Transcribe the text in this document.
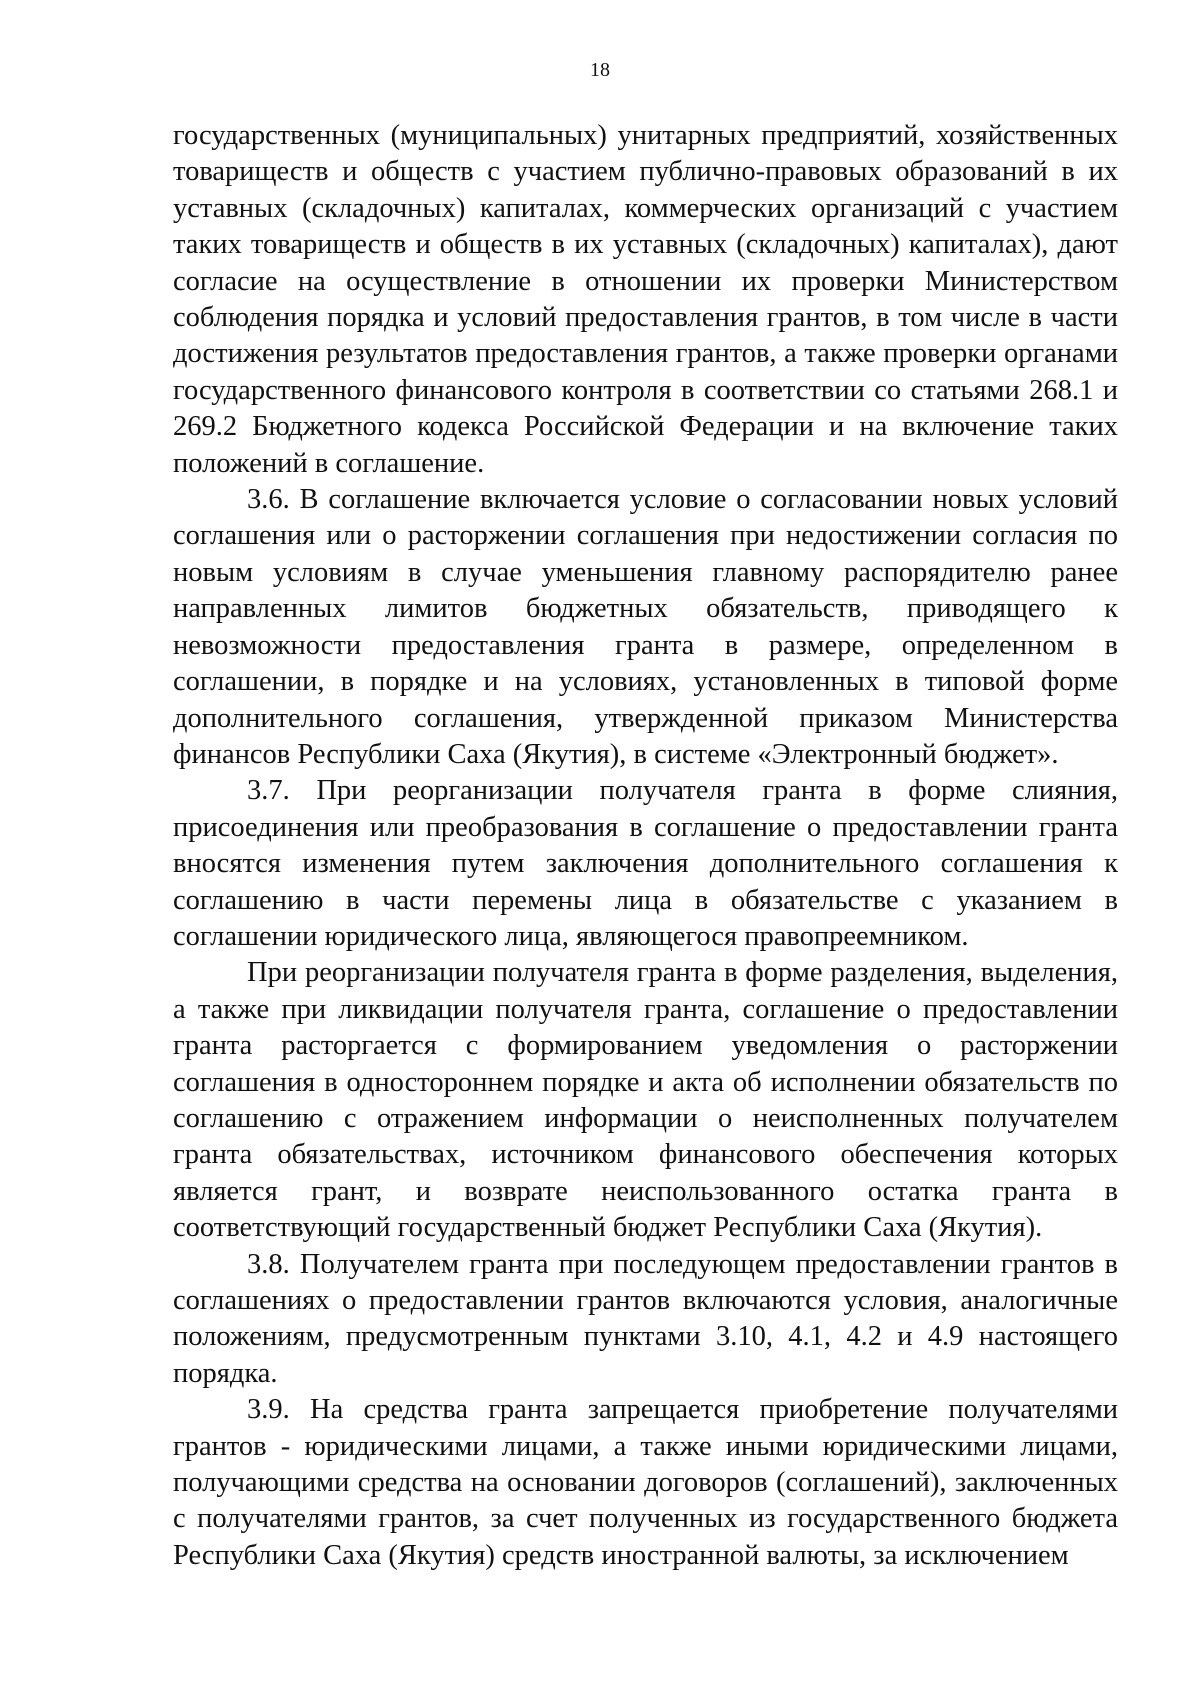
18

государственных (муниципальных) унитарных предприятий, хозяйственных товариществ и обществ с участием публично-правовых образований в их уставных (складочных) капиталах, коммерческих организаций с участием таких товариществ и обществ в их уставных (складочных) капиталах), дают согласие на осуществление в отношении их проверки Министерством соблюдения порядка и условий предоставления грантов, в том числе в части достижения результатов предоставления грантов, а также проверки органами государственного финансового контроля в соответствии со статьями 268.1 и 269.2 Бюджетного кодекса Российской Федерации и на включение таких положений в соглашение.

3.6. В соглашение включается условие о согласовании новых условий соглашения или о расторжении соглашения при недостижении согласия по новым условиям в случае уменьшения главному распорядителю ранее направленных лимитов бюджетных обязательств, приводящего к невозможности предоставления гранта в размере, определенном в соглашении, в порядке и на условиях, установленных в типовой форме дополнительного соглашения, утвержденной приказом Министерства финансов Республики Саха (Якутия), в системе «Электронный бюджет».

3.7. При реорганизации получателя гранта в форме слияния, присоединения или преобразования в соглашение о предоставлении гранта вносятся изменения путем заключения дополнительного соглашения к соглашению в части перемены лица в обязательстве с указанием в соглашении юридического лица, являющегося правопреемником.

При реорганизации получателя гранта в форме разделения, выделения, а также при ликвидации получателя гранта, соглашение о предоставлении гранта расторгается с формированием уведомления о расторжении соглашения в одностороннем порядке и акта об исполнении обязательств по соглашению с отражением информации о неисполненных получателем гранта обязательствах, источником финансового обеспечения которых является грант, и возврате неиспользованного остатка гранта в соответствующий государственный бюджет Республики Саха (Якутия).

3.8. Получателем гранта при последующем предоставлении грантов в соглашениях о предоставлении грантов включаются условия, аналогичные положениям, предусмотренным пунктами 3.10, 4.1, 4.2 и 4.9 настоящего порядка.

3.9. На средства гранта запрещается приобретение получателями грантов - юридическими лицами, а также иными юридическими лицами, получающими средства на основании договоров (соглашений), заключенных с получателями грантов, за счет полученных из государственного бюджета Республики Саха (Якутия) средств иностранной валюты, за исключением
